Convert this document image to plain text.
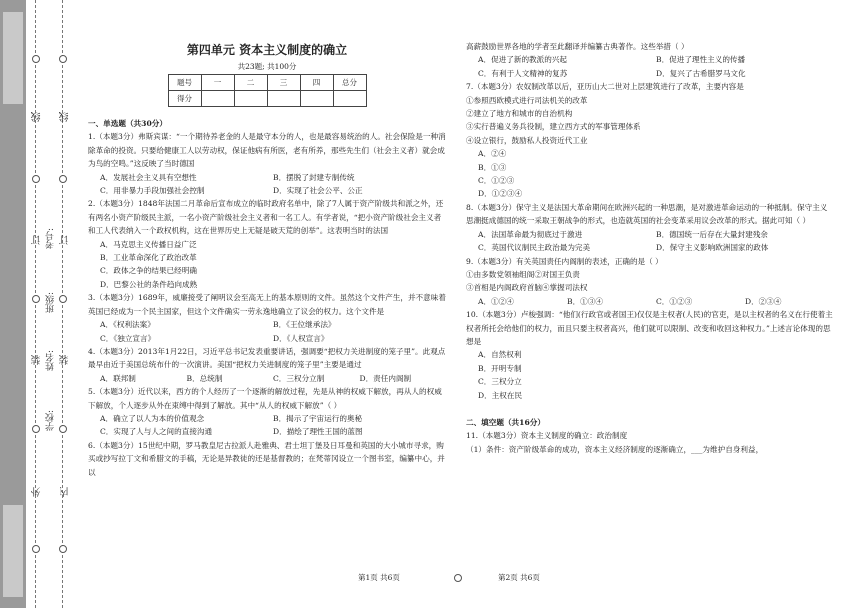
线
订
装
外
线
订
装
内
考号:
班级:
姓名:
学校:
第四单元 资本主义制度的确立
共23题; 共100分
题号	一	二	三	四	总分
得分					

一、单选题（共30分）

1.（本题3分）弗斯宾谋：“一个期待养老金的人是最守本分的人，也是最容易统治的人。社会保险是一种消除革命的投资。只要给健康工人以劳动权，保证他病有所医，老有所养，那些先生们（社会主义者）就会成为鸟的空鸣。”这反映了当时德国

A．发展社会主义具有空想性	B．摆脱了封建专制传统
C．用非暴力手段加强社会控制	D．实现了社会公平、公正

2.（本题3分）1848年法国二月革命后宣布成立的临时政府名单中，除了7人属于资产阶级共和派之外，还有两名小资产阶级民主派，一名小资产阶级社会主义者和一名工人。有学者说，“把小资产阶级社会主义者和工人代表纳入一个政权机构，这在世界历史上无疑是破天荒的创举”。这表明当时的法国

A．马克思主义传播日益广泛

B．工业革命深化了政治改革

C．政体之争的结果已经明确

D．巴黎公社的条件趋向成熟

3.（本题3分）1689年，威廉接受了阐明议会至高无上的基本原则的文件。虽然这个文件产生，并不意味着英国已经成为一个民主国家，但这个文件确实一劳永逸地确立了议会的权力。这个文件是

A．《权利法案》	B．《王位继承法》
C．《独立宣言》	D．《人权宣言》

4.（本题3分）2013年1月22日，习近平总书记发表重要讲话，强调要“把权力关进制度的笼子里”。此观点最早由近于美国总统布什的一次演讲。美国“把权力关进制度的笼子里”主要是通过

A．联邦制	B．总统制	C．三权分立制	D．责任内阁制

5.（本题3分）近代以来，西方的个人经历了一个逐渐的解放过程，先是从神的权威下解放，再从人的权威下解放，个人逐步从外在束缚中得到了解放。其中“从人的权威下解放”（ ）

A．确立了以人为本的价值观念	B．揭示了宇宙运行的奥秘
C．实现了人与人之间的直接沟通	D．描绘了理性王国的蓝图

6.（本题3分）15世纪中期，罗马教皇尼古拉派人赴雅典、君士坦丁堡及日耳曼和英国的大小城市寻求，购买或抄写拉丁文和希腊文的手稿，无论是异教徒的还是基督教的；在梵蒂冈设立一个图书室，编纂中心，并以

高薪鼓励世界各地的学者至此翻译并编纂古典著作。这些举措（ ）

A．促进了新的教派的兴起	B．促进了理性主义的传播
C．有利于人文精神的复苏	D．复兴了古希腊罗马文化

7.（本题3分）农奴制改革以后，亚历山大二世对上层建筑进行了改革，主要内容是

①参照西欧模式进行司法机关的改革

②建立了地方和城市的自治机构

③实行普遍义务兵役制，建立西方式的军事管理体系

④设立银行，鼓励私人投资近代工业

A．②④

B．①③

C．①②③

D．①②③④

8.（本题3分）保守主义是法国大革命期间在欧洲兴起的一种思潮，是对激进革命运动的一种抵制。保守主义思潮挺成德国的统一采取王朝战争的形式，也造就英国的社会变革采用议会改革的形式。据此可知（ ）

A．法国革命最为彻底过于激进	B．德国统一后存在大量封建残余
C．英国代议制民主政治最为完美	D．保守主义影响欧洲国家的政体

9.（本题3分）有关英国责任内阁制的表述，正确的是（ ）

①由多数党领袖组阁②对国王负责

③首相是内阁政府首脑④掌握司法权

A．①②④	B．①③④	C．①②③	D．②③④

10.（本题3分）卢梭强调：“他们(行政官或者国王)仅仅是主权者(人民)的官吏，是以主权者的名义在行使着主权者所托会给他们的权力，而且只要主权者高兴，他们就可以限制、改变和收回这种权力。”上述言论体现的思想是

A．自然权利

B．开明专制

C．三权分立

D．主权在民

二、填空题（共16分）

11.（本题3分）资本主义制度的确立：政治制度

（1）条件：资产阶级革命的成功，资本主义经济制度的逐渐确立，___为维护自身利益，

第1页 共6页	第2页 共6页
